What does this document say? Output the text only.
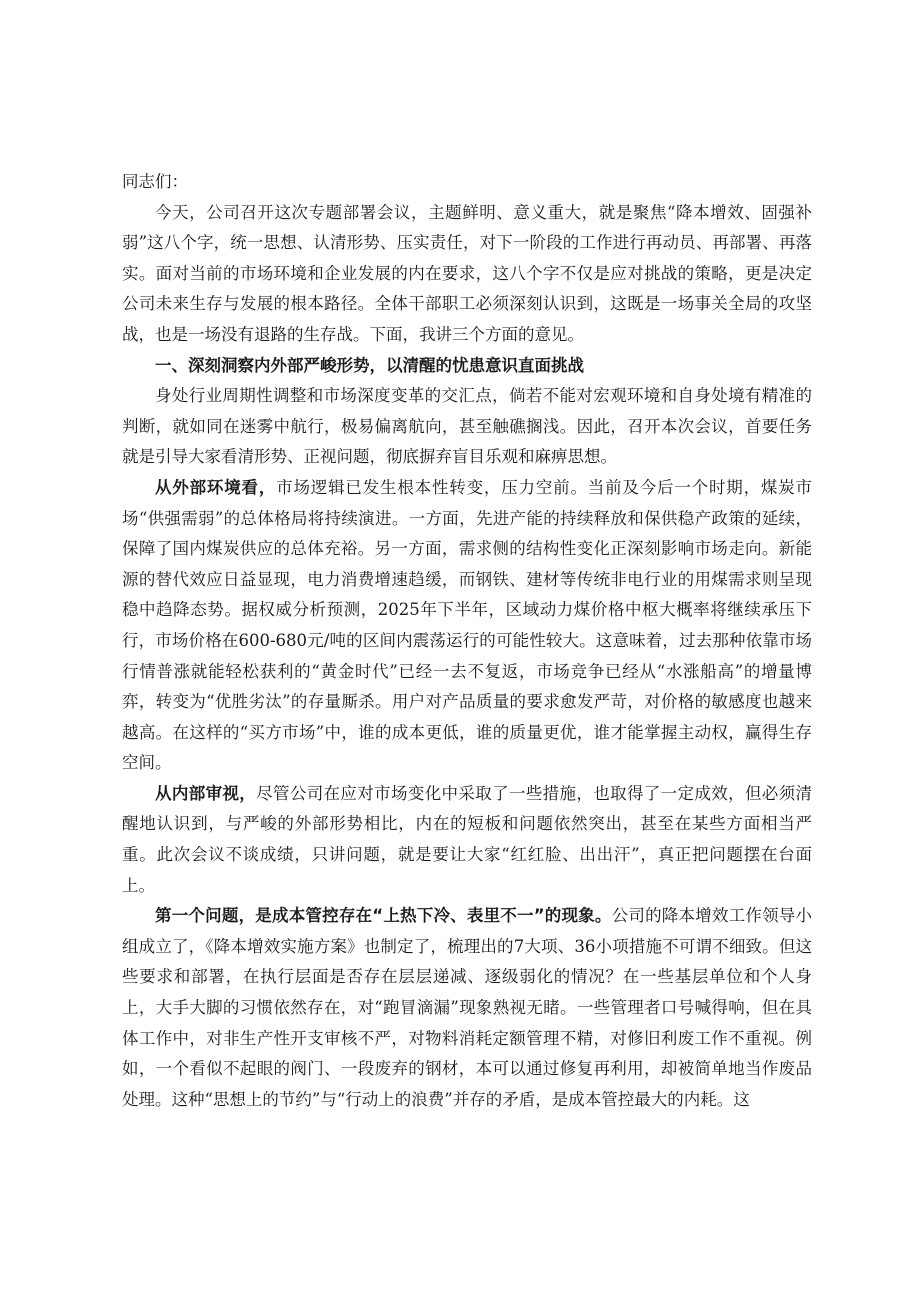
同志们：

今天，公司召开这次专题部署会议，主题鲜明、意义重大，就是聚焦“降本增效、固强补弱”这八个字，统一思想、认清形势、压实责任，对下一阶段的工作进行再动员、再部署、再落实。面对当前的市场环境和企业发展的内在要求，这八个字不仅是应对挑战的策略，更是决定公司未来生存与发展的根本路径。全体干部职工必须深刻认识到，这既是一场事关全局的攻坚战，也是一场没有退路的生存战。下面，我讲三个方面的意见。

一、深刻洞察内外部严峻形势，以清醒的忧患意识直面挑战

身处行业周期性调整和市场深度变革的交汇点，倘若不能对宏观环境和自身处境有精准的判断，就如同在迷雾中航行，极易偏离航向，甚至触礁搁浅。因此，召开本次会议，首要任务就是引导大家看清形势、正视问题，彻底摒弃盲目乐观和麻痹思想。

从外部环境看，市场逻辑已发生根本性转变，压力空前。当前及今后一个时期，煤炭市场“供强需弱”的总体格局将持续演进。一方面，先进产能的持续释放和保供稳产政策的延续，保障了国内煤炭供应的总体充裕。另一方面，需求侧的结构性变化正深刻影响市场走向。新能源的替代效应日益显现，电力消费增速趋缓，而钢铁、建材等传统非电行业的用煤需求则呈现稳中趋降态势。据权威分析预测，2025年下半年，区域动力煤价格中枢大概率将继续承压下行，市场价格在600-680元/吨的区间内震荡运行的可能性较大。这意味着，过去那种依靠市场行情普涨就能轻松获利的“黄金时代”已经一去不复返，市场竞争已经从“水涨船高”的增量博弈，转变为“优胜劣汰”的存量厮杀。用户对产品质量的要求愈发严苛，对价格的敏感度也越来越高。在这样的“买方市场”中，谁的成本更低，谁的质量更优，谁才能掌握主动权，赢得生存空间。

从内部审视，尽管公司在应对市场变化中采取了一些措施，也取得了一定成效，但必须清醒地认识到，与严峻的外部形势相比，内在的短板和问题依然突出，甚至在某些方面相当严重。此次会议不谈成绩，只讲问题，就是要让大家“红红脸、出出汗”，真正把问题摆在台面上。

第一个问题，是成本管控存在“上热下冷、表里不一”的现象。公司的降本增效工作领导小组成立了，《降本增效实施方案》也制定了，梳理出的7大项、36小项措施不可谓不细致。但这些要求和部署，在执行层面是否存在层层递减、逐级弱化的情况？在一些基层单位和个人身上，大手大脚的习惯依然存在，对“跑冒滴漏”现象熟视无睹。一些管理者口号喊得响，但在具体工作中，对非生产性开支审核不严，对物料消耗定额管理不精，对修旧利废工作不重视。例如，一个看似不起眼的阀门、一段废弃的钢材，本可以通过修复再利用，却被简单地当作废品处理。这种“思想上的节约”与“行动上的浪费”并存的矛盾，是成本管控最大的内耗。这
